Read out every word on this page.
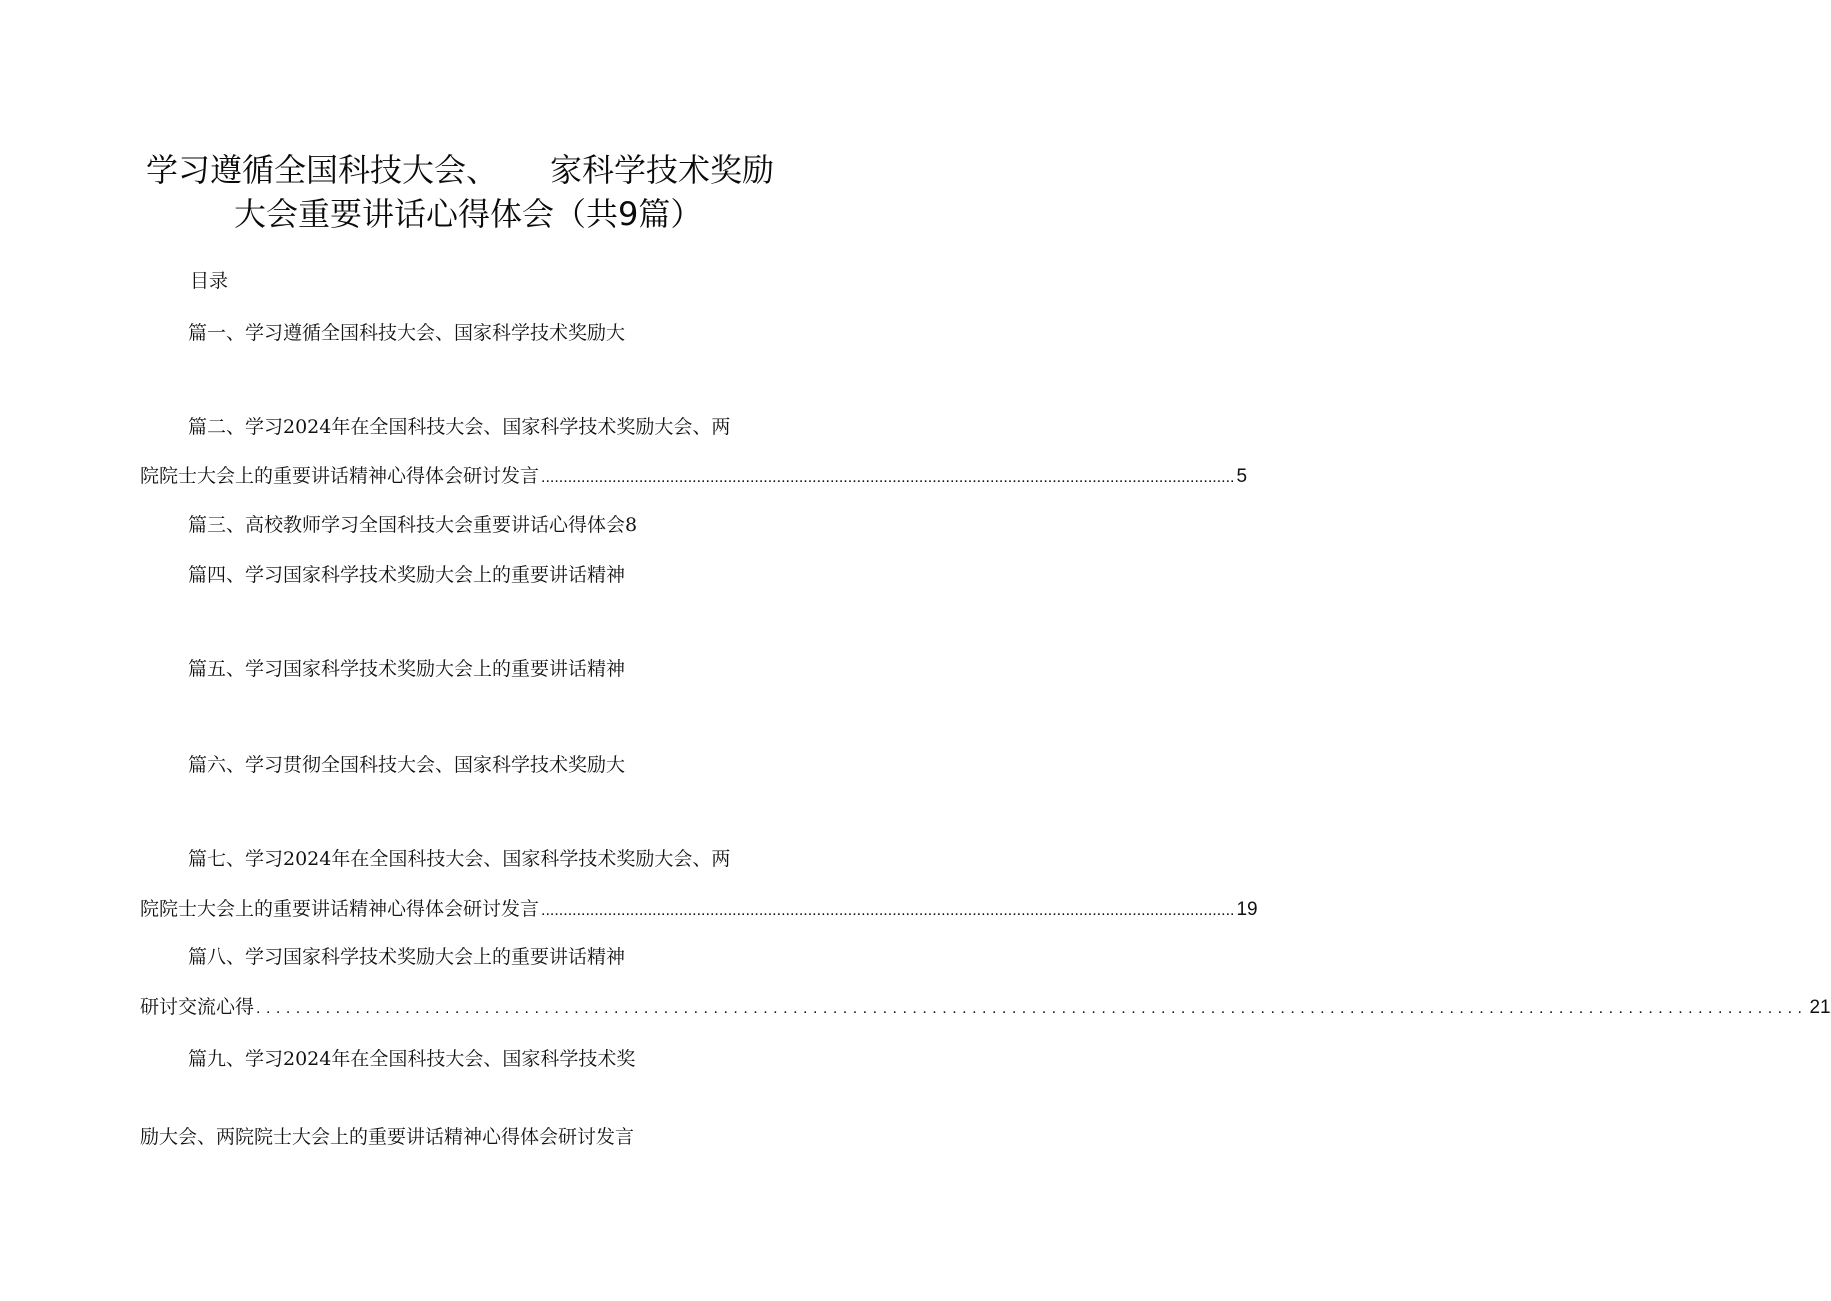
学习遵循全国科技大会、 家科学技术奖励
大会重要讲话心得体会（共9篇）
目录
篇一、学习遵循全国科技大会、国家科学技术奖励大
篇二、学习2024年在全国科技大会、国家科学技术奖励大会、两
院院士大会上的重要讲话精神心得体会研讨发言 ............................................................................................................................................................ 5
篇三、高校教师学习全国科技大会重要讲话心得体会8
篇四、学习国家科学技术奖励大会上的重要讲话精神
篇五、学习国家科学技术奖励大会上的重要讲话精神
篇六、学习贯彻全国科技大会、国家科学技术奖励大
篇七、学习2024年在全国科技大会、国家科学技术奖励大会、两
院院士大会上的重要讲话精神心得体会研讨发言 ............................................................................................................................................................ 19
篇八、学习国家科学技术奖励大会上的重要讲话精神
研讨交流心得 ............................................................................................................................................................ 21
篇九、学习2024年在全国科技大会、国家科学技术奖
励大会、两院院士大会上的重要讲话精神心得体会研讨发言
